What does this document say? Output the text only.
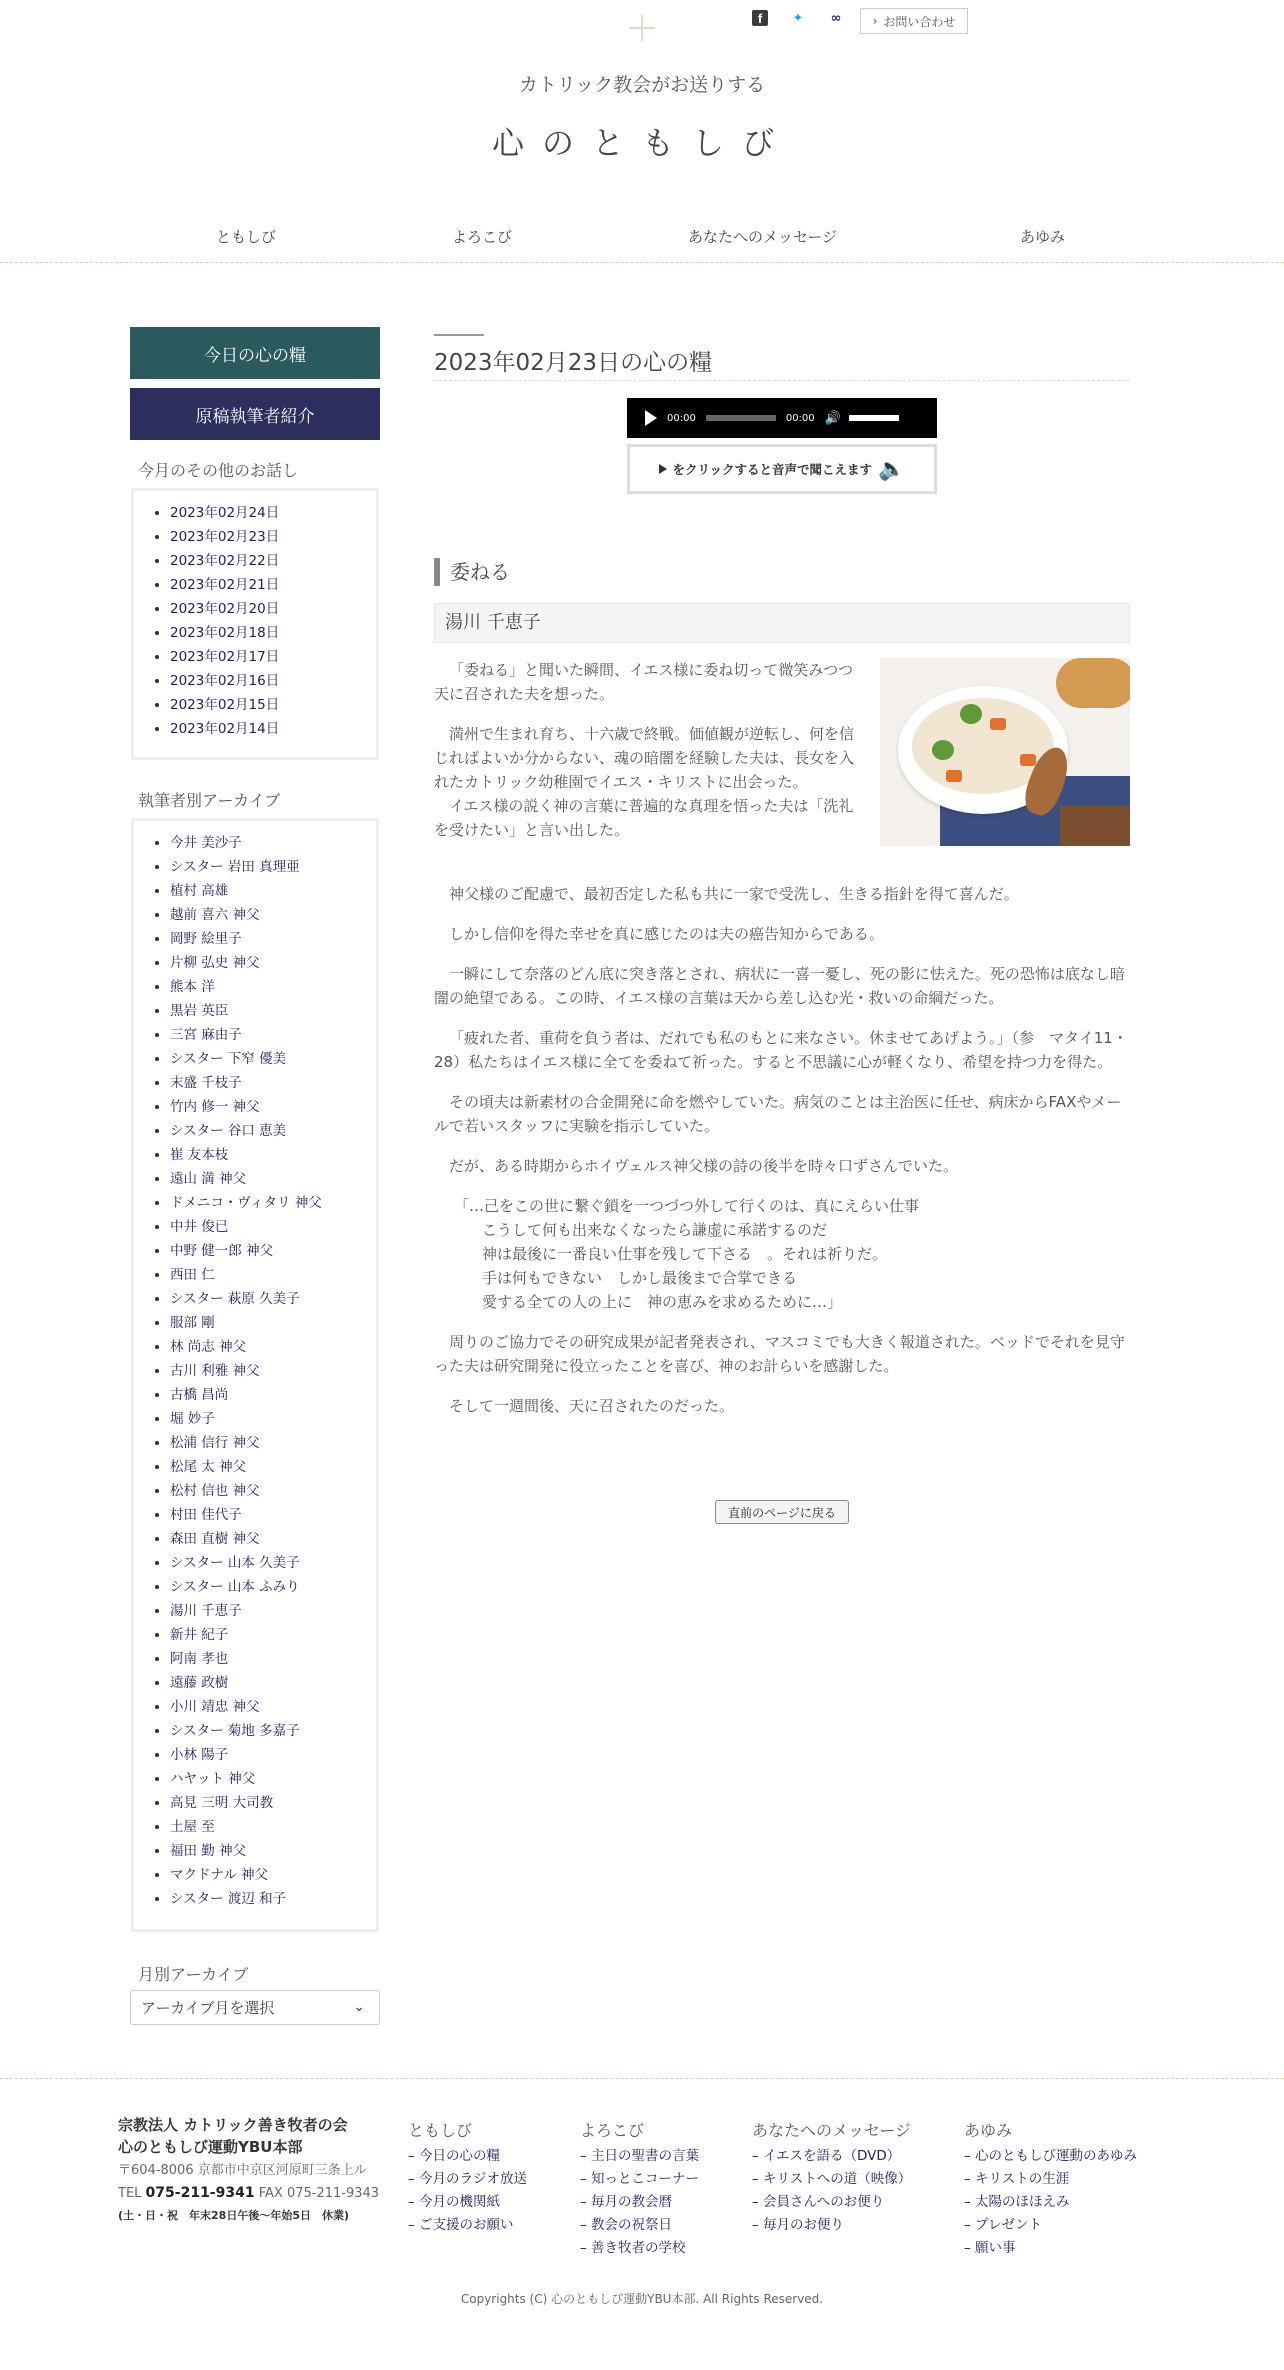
f	✦ ∞	› お問い合わせ
カトリック教会がお送りする
心のともしび
ともしび	よろこび	あなたへのメッセージ	あゆみ
今日の心の糧
原稿執筆者紹介
今月のその他のお話し
2023年02月24日
2023年02月23日
2023年02月22日
2023年02月21日
2023年02月20日
2023年02月18日
2023年02月17日
2023年02月16日
2023年02月15日
2023年02月14日
執筆者別アーカイブ
今井 美沙子
シスター 岩田 真理亜
植村 高雄
越前 喜六 神父
岡野 絵里子
片柳 弘史 神父
熊本 洋
黒岩 英臣
三宮 麻由子
シスター 下窄 優美
末盛 千枝子
竹内 修一 神父
シスター 谷口 恵美
崔 友本枝
遠山 満 神父
ドメニコ・ヴィタリ 神父
中井 俊已
中野 健一郎 神父
西田 仁
シスター 萩原 久美子
服部 剛
林 尚志 神父
古川 利雅 神父
古橋 昌尚
堀 妙子
松浦 信行 神父
松尾 太 神父
松村 信也 神父
村田 佳代子
森田 直樹 神父
シスター 山本 久美子
シスター 山本 ふみり
湯川 千恵子
新井 紀子
阿南 孝也
遠藤 政樹
小川 靖忠 神父
シスター 菊地 多嘉子
小林 陽子
ハヤット 神父
高見 三明 大司教
土屋 至
福田 勤 神父
マクドナル 神父
シスター 渡辺 和子
月別アーカイブ
アーカイブ月を選択	⌄
2023年02月23日の心の糧
00:00	00:00 🔊
をクリックすると音声で聞こえます 🔈
委ねる
湯川 千恵子

「委ねる」と聞いた瞬間、イエス様に委ね切って微笑みつつ天に召された夫を想った。

満州で生まれ育ち、十六歳で終戦。価値観が逆転し、何を信じればよいか分からない、魂の暗闇を経験した夫は、長女を入れたカトリック幼稚園でイエス・キリストに出会った。

イエス様の説く神の言葉に普遍的な真理を悟った夫は「洗礼を受けたい」と言い出した。

神父様のご配慮で、最初否定した私も共に一家で受洗し、生きる指針を得て喜んだ。

しかし信仰を得た幸せを真に感じたのは夫の癌告知からである。

一瞬にして奈落のどん底に突き落とされ、病状に一喜一憂し、死の影に怯えた。死の恐怖は底なし暗闇の絶望である。この時、イエス様の言葉は天から差し込む光・救いの命綱だった。

「疲れた者、重荷を負う者は、だれでも私のもとに来なさい。休ませてあげよう。」（参　マタイ11・28）私たちはイエス様に全てを委ねて祈った。すると不思議に心が軽くなり、希望を持つ力を得た。

その頃夫は新素材の合金開発に命を燃やしていた。病気のことは主治医に任せ、病床からFAXやメールで若いスタッフに実験を指示していた。

だが、ある時期からホイヴェルス神父様の詩の後半を時々口ずさんでいた。

「…己をこの世に繋ぐ鎖を一つづつ外して行くのは、真にえらい仕事
こうして何も出来なくなったら謙虚に承諾するのだ
神は最後に一番良い仕事を残して下さる　。それは祈りだ。
手は何もできない　しかし最後まで合掌できる
愛する全ての人の上に　神の恵みを求めるために…」

周りのご協力でその研究成果が記者発表され、マスコミでも大きく報道された。ベッドでそれを見守った夫は研究開発に役立ったことを喜び、神のお計らいを感謝した。

そして一週間後、天に召されたのだった。

直前のページに戻る
宗教法人 カトリック善き牧者の会
心のともしび運動YBU本部
〒604-8006 京都市中京区河原町三条上ル
TEL 075-211-9341 FAX 075-211-9343
(土・日・祝　年末28日午後〜年始5日　休業)
ともしび
– 今日の心の糧
– 今月のラジオ放送
– 今月の機関紙
– ご支援のお願い
よろこび
– 主日の聖書の言葉
– 知っとこコーナー
– 毎月の教会暦
– 教会の祝祭日
– 善き牧者の学校
あなたへのメッセージ
– イエスを語る（DVD）
– キリストへの道（映像）
– 会員さんへのお便り
– 毎月のお便り
あゆみ
– 心のともしび運動のあゆみ
– キリストの生涯
– 太陽のほほえみ
– プレゼント
– 願い事
Copyrights (C) 心のともしび運動YBU本部. All Rights Reserved.
